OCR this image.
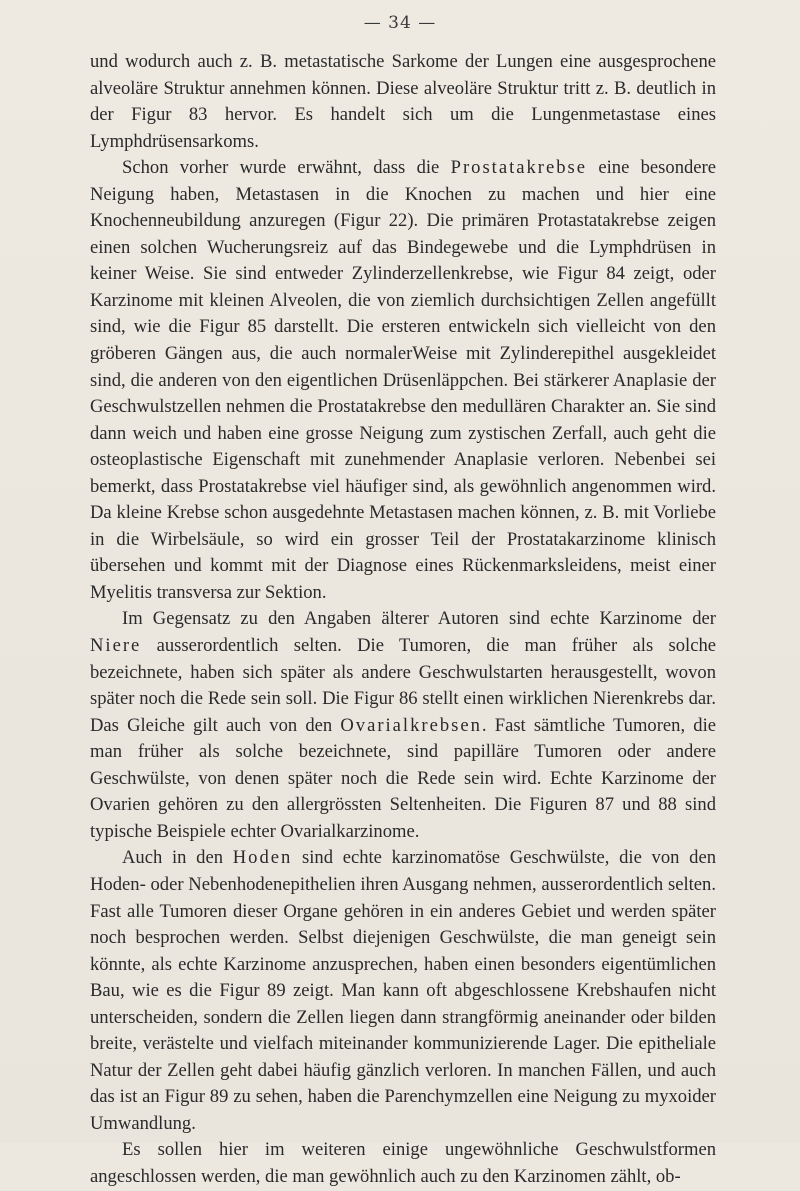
— 34 —

und wodurch auch z. B. metastatische Sarkome der Lungen eine ausgesprochene alveoläre Struktur annehmen können. Diese alveoläre Struktur tritt z. B. deutlich in der Figur 83 hervor. Es handelt sich um die Lungenmetastase eines Lymphdrüsensarkoms.

Schon vorher wurde erwähnt, dass die Prostatakrebse eine besondere Neigung haben, Metastasen in die Knochen zu machen und hier eine Knochenneubildung anzuregen (Figur 22). Die primären Protastatakrebse zeigen einen solchen Wucherungsreiz auf das Bindegewebe und die Lymphdrüsen in keiner Weise. Sie sind entweder Zylinderzellenkrebse, wie Figur 84 zeigt, oder Karzinome mit kleinen Alveolen, die von ziemlich durchsichtigen Zellen angefüllt sind, wie die Figur 85 darstellt. Die ersteren entwickeln sich vielleicht von den gröberen Gängen aus, die auch normalerWeise mit Zylinderepithel ausgekleidet sind, die anderen von den eigentlichen Drüsenläppchen. Bei stärkerer Anaplasie der Geschwulstzellen nehmen die Prostatakrebse den medullären Charakter an. Sie sind dann weich und haben eine grosse Neigung zum zystischen Zerfall, auch geht die osteoplastische Eigenschaft mit zunehmender Anaplasie verloren. Nebenbei sei bemerkt, dass Prostatakrebse viel häufiger sind, als gewöhnlich angenommen wird. Da kleine Krebse schon ausgedehnte Metastasen machen können, z. B. mit Vorliebe in die Wirbelsäule, so wird ein grosser Teil der Prostatakarzinome klinisch übersehen und kommt mit der Diagnose eines Rückenmarksleidens, meist einer Myelitis transversa zur Sektion.

Im Gegensatz zu den Angaben älterer Autoren sind echte Karzinome der Niere ausserordentlich selten. Die Tumoren, die man früher als solche bezeichnete, haben sich später als andere Geschwulstarten herausgestellt, wovon später noch die Rede sein soll. Die Figur 86 stellt einen wirklichen Nierenkrebs dar. Das Gleiche gilt auch von den Ovarialkrebsen. Fast sämtliche Tumoren, die man früher als solche bezeichnete, sind papilläre Tumoren oder andere Geschwülste, von denen später noch die Rede sein wird. Echte Karzinome der Ovarien gehören zu den allergrössten Seltenheiten. Die Figuren 87 und 88 sind typische Beispiele echter Ovarialkarzinome.

Auch in den Hoden sind echte karzinomatöse Geschwülste, die von den Hoden- oder Nebenhodenepithelien ihren Ausgang nehmen, ausserordentlich selten. Fast alle Tumoren dieser Organe gehören in ein anderes Gebiet und werden später noch besprochen werden. Selbst diejenigen Geschwülste, die man geneigt sein könnte, als echte Karzinome anzusprechen, haben einen besonders eigentümlichen Bau, wie es die Figur 89 zeigt. Man kann oft abgeschlossene Krebshaufen nicht unterscheiden, sondern die Zellen liegen dann strangförmig aneinander oder bilden breite, verästelte und vielfach miteinander kommunizierende Lager. Die epitheliale Natur der Zellen geht dabei häufig gänzlich verloren. In manchen Fällen, und auch das ist an Figur 89 zu sehen, haben die Parenchymzellen eine Neigung zu myxoider Umwandlung.

Es sollen hier im weiteren einige ungewöhnliche Geschwulstformen angeschlossen werden, die man gewöhnlich auch zu den Karzinomen zählt, ob-
